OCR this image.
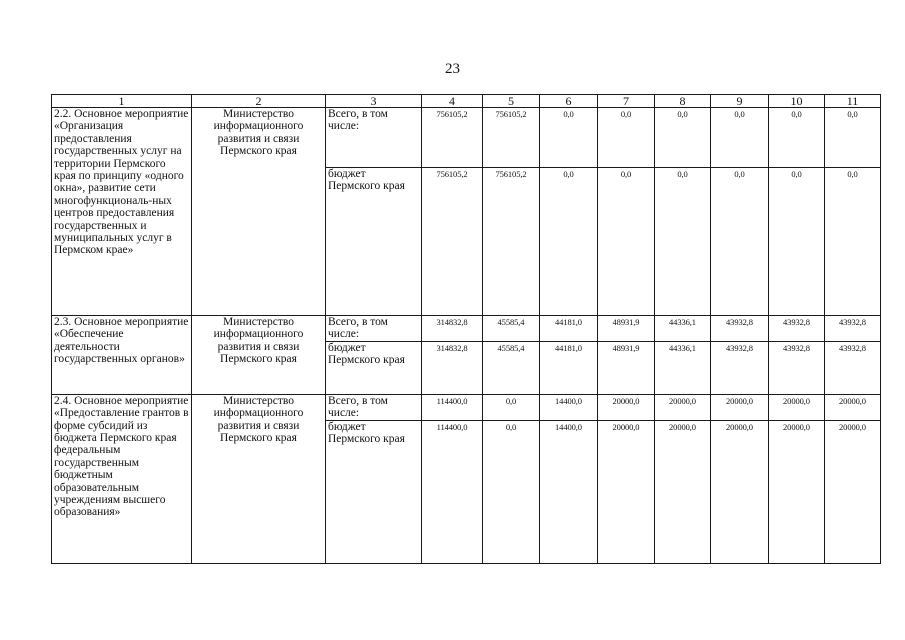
23
1	2	3	4	5	6	7	8	9	10	11
2.2. Основное мероприятие «Организация предоставления государственных услуг на территории Пермского края по принципу «одного окна», развитие сети многофункциональ-ных центров предоставления государственных и муниципальных услуг в Пермском крае»	Министерство информационного развития и связи Пермского края	Всего, в том числе:	756105,2	756105,2	0,0	0,0	0,0	0,0	0,0	0,0
		бюджет Пермского края	756105,2	756105,2	0,0	0,0	0,0	0,0	0,0	0,0
2.3. Основное мероприятие «Обеспечение деятельности государственных органов»	Министерство информационного развития и связи Пермского края	Всего, в том числе:	314832,8	45585,4	44181,0	48931,9	44336,1	43932,8	43932,8	43932,8
		бюджет Пермского края	314832,8	45585,4	44181,0	48931,9	44336,1	43932,8	43932,8	43932,8
2.4. Основное мероприятие «Предоставление грантов в форме субсидий из бюджета Пермского края федеральным государственным бюджетным образовательным учреждениям высшего образования»	Министерство информационного развития и связи Пермского края	Всего, в том числе:	114400,0	0,0	14400,0	20000,0	20000,0	20000,0	20000,0	20000,0
		бюджет Пермского края	114400,0	0,0	14400,0	20000,0	20000,0	20000,0	20000,0	20000,0
